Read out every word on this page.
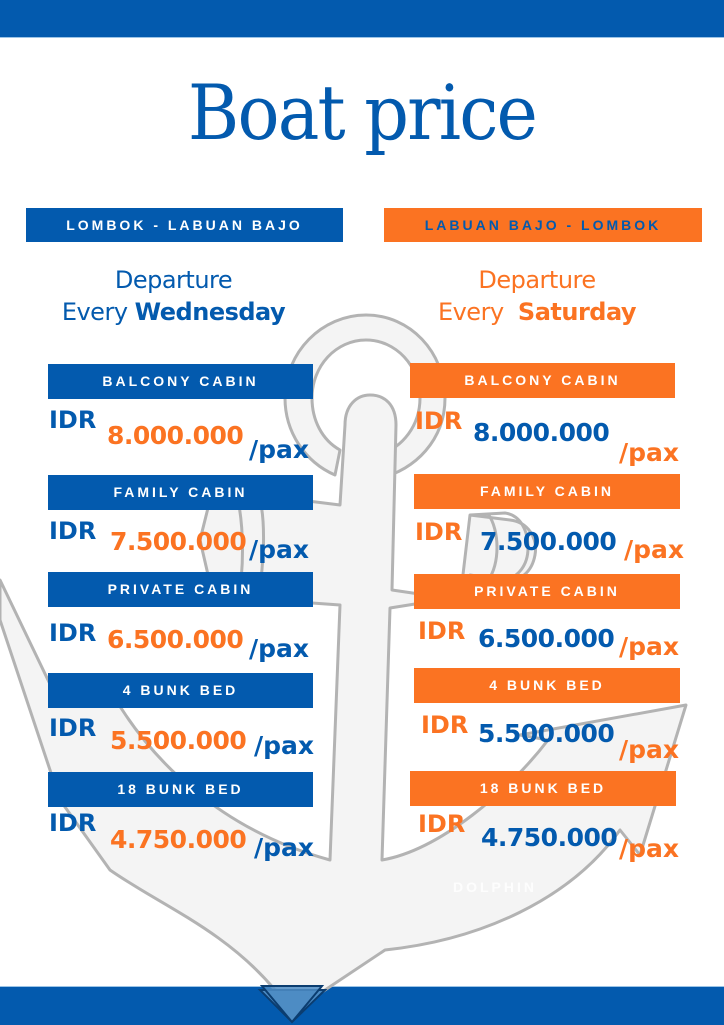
Boat price
LOMBOK - LABUAN BAJO
Departure
Every Wednesday
BALCONY CABIN
IDR
8.000.000 /pax
FAMILY CABIN
IDR 7.500.000 /pax
PRIVATE CABIN
IDR 6.500.000 /pax
4 BUNK BED
IDR 5.500.000 /pax
18 BUNK BED
IDR
4.750.000 /pax
LABUAN BAJO - LOMBOK
Departure
Every Saturday
BALCONY CABIN
IDR 8.000.000
/pax
FAMILY CABIN
IDR 7.500.000 /pax
PRIVATE CABIN
IDR 6.500.000 /pax
4 BUNK BED
IDR 5.500.000
/pax
18 BUNK BED
IDR 4.750.000 /pax
DOLPHIN
